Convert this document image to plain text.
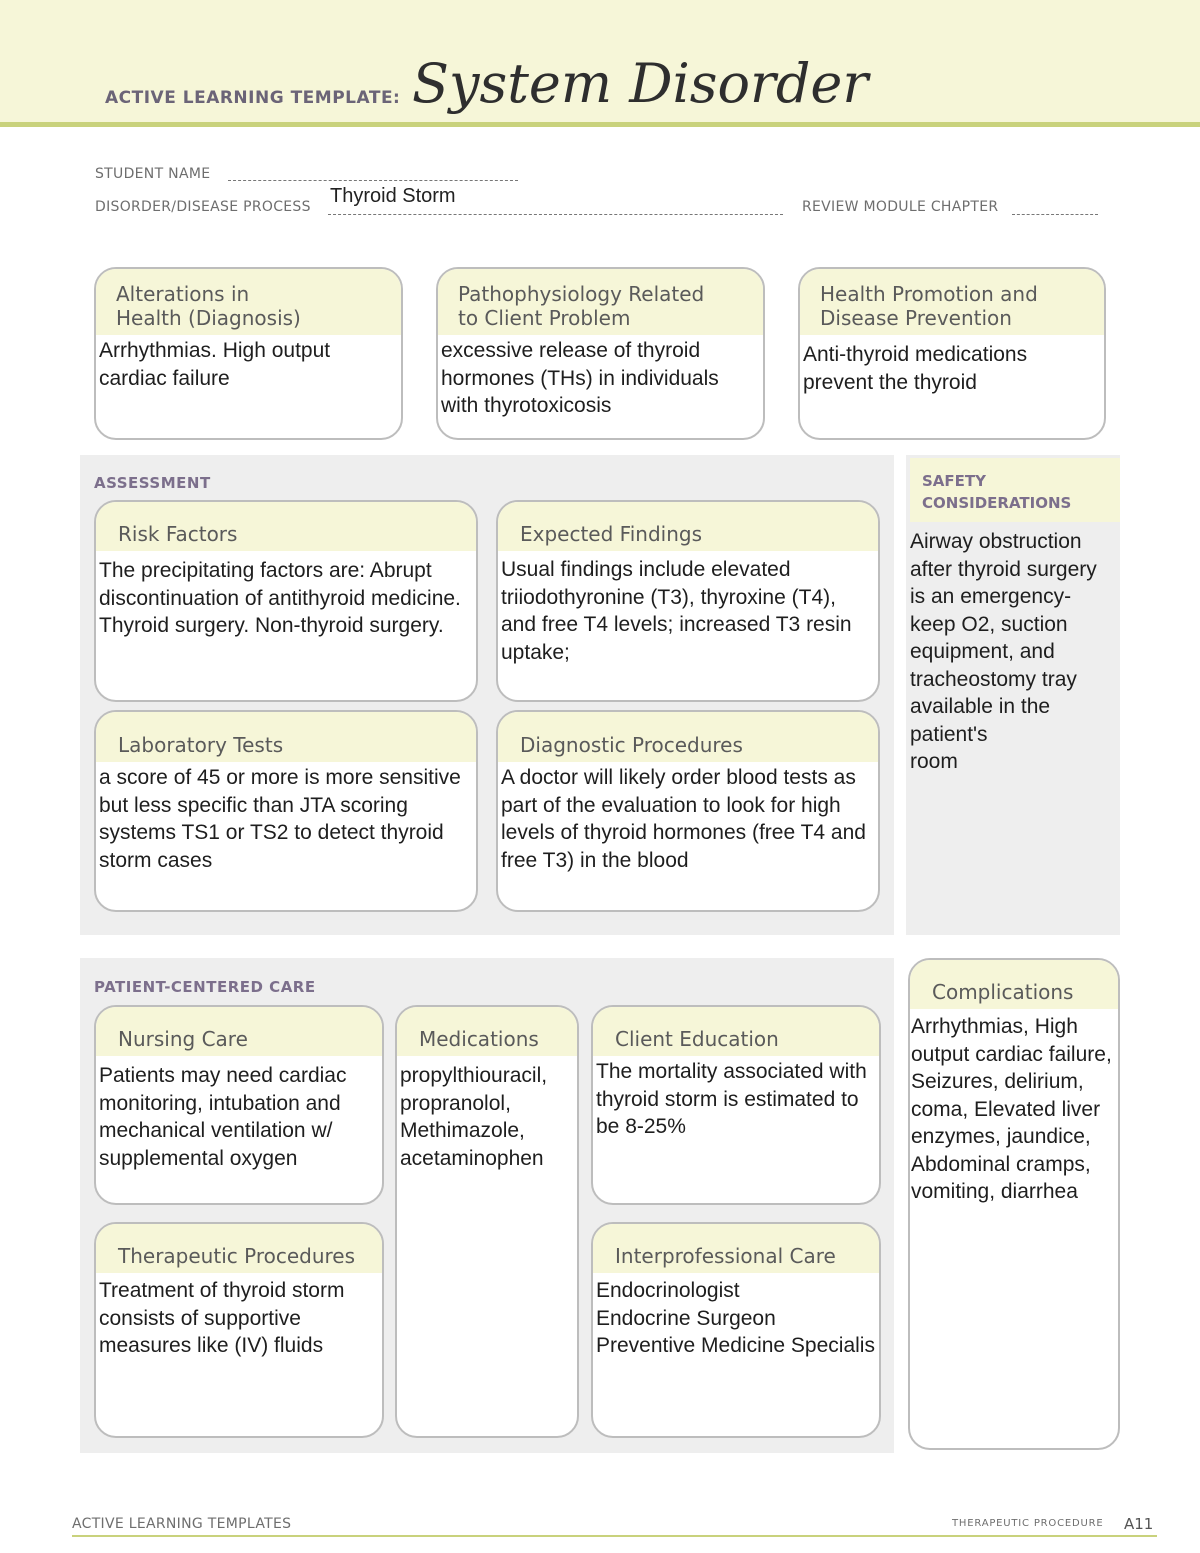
ACTIVE LEARNING TEMPLATE: System Disorder
STUDENT NAME
DISORDER/DISEASE PROCESS Thyroid Storm	REVIEW MODULE CHAPTER
Alterations in
Health (Diagnosis)
Arrhythmias. High output cardiac failure
Pathophysiology Related
to Client Problem
excessive release of thyroid hormones (THs) in individuals with thyrotoxicosis
Health Promotion and
Disease Prevention
Anti-thyroid medications prevent the thyroid
ASSESSMENT
Risk Factors
The precipitating factors are: Abrupt discontinuation of antithyroid medicine. Thyroid surgery. Non-thyroid surgery.
Expected Findings
Usual findings include elevated triiodothyronine (T3), thyroxine (T4), and free T4 levels; increased T3 resin uptake;
Laboratory Tests
a score of 45 or more is more sensitive but less specific than JTA scoring systems TS1 or TS2 to detect thyroid storm cases
Diagnostic Procedures
A doctor will likely order blood tests as part of the evaluation to look for high levels of thyroid hormones (free T4 and free T3) in the blood
SAFETY
CONSIDERATIONS
Airway obstruction after thyroid surgery is an emergency-keep O2, suction equipment, and tracheostomy tray available in the patient's
room
PATIENT-CENTERED CARE
Nursing Care
Patients may need cardiac monitoring, intubation and mechanical ventilation w/ supplemental oxygen
Medications
propylthiouracil, propranolol, Methimazole, acetaminophen
Client Education
The mortality associated with thyroid storm is estimated to be 8-25%
Therapeutic Procedures
Treatment of thyroid storm consists of supportive measures like (IV) fluids
Interprofessional Care
Endocrinologist
Endocrine Surgeon
Preventive Medicine Specialis
Complications
Arrhythmias, High output cardiac failure, Seizures, delirium, coma, Elevated liver enzymes, jaundice, Abdominal cramps, vomiting, diarrhea
ACTIVE LEARNING TEMPLATES	THERAPEUTIC PROCEDURE A11
